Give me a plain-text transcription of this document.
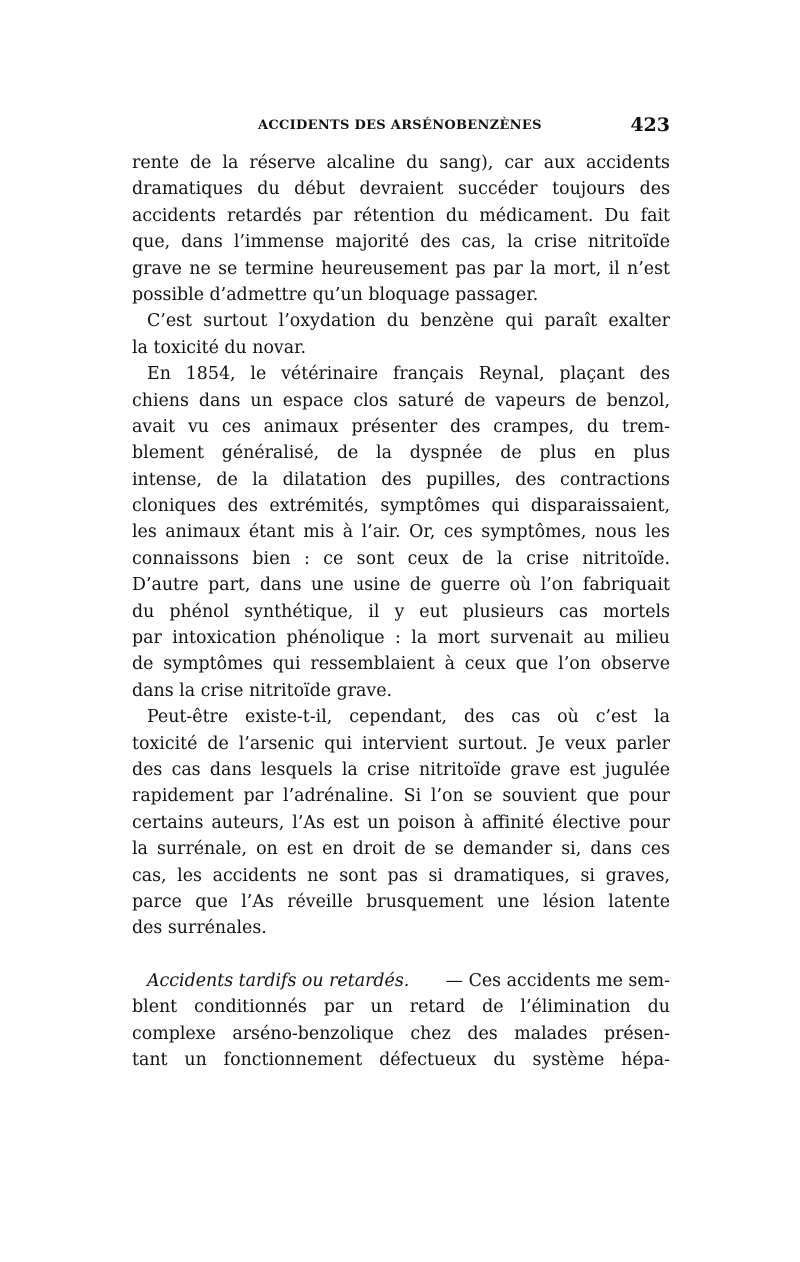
ACCIDENTS DES ARSÉNOBENZÈNES	423
rente de la réserve alcaline du sang), car aux accidents
dramatiques du début devraient succéder toujours des
accidents retardés par rétention du médicament. Du fait
que, dans l’immense majorité des cas, la crise nitritoïde
grave ne se termine heureusement pas par la mort, il n’est
possible d’admettre qu’un bloquage passager.
C’est surtout l’oxydation du benzène qui paraît exalter
la toxicité du novar.
En 1854, le vétérinaire français Reynal, plaçant des
chiens dans un espace clos saturé de vapeurs de benzol,
avait vu ces animaux présenter des crampes, du trem-
blement généralisé, de la dyspnée de plus en plus
intense, de la dilatation des pupilles, des contractions
cloniques des extrémités, symptômes qui disparaissaient,
les animaux étant mis à l’air. Or, ces symptômes, nous les
connaissons bien : ce sont ceux de la crise nitritoïde.
D’autre part, dans une usine de guerre où l’on fabriquait
du phénol synthétique, il y eut plusieurs cas mortels
par intoxication phénolique : la mort survenait au milieu
de symptômes qui ressemblaient à ceux que l’on observe
dans la crise nitritoïde grave.
Peut-être existe-t-il, cependant, des cas où c’est la
toxicité de l’arsenic qui intervient surtout. Je veux parler
des cas dans lesquels la crise nitritoïde grave est jugulée
rapidement par l’adrénaline. Si l’on se souvient que pour
certains auteurs, l’As est un poison à affinité élective pour
la surrénale, on est en droit de se demander si, dans ces
cas, les accidents ne sont pas si dramatiques, si graves,
parce que l’As réveille brusquement une lésion latente
des surrénales.
Accidents tardifs ou retardés. — Ces accidents me sem-
blent conditionnés par un retard de l’élimination du
complexe arséno-benzolique chez des malades présen-
tant un fonctionnement défectueux du système hépa-
